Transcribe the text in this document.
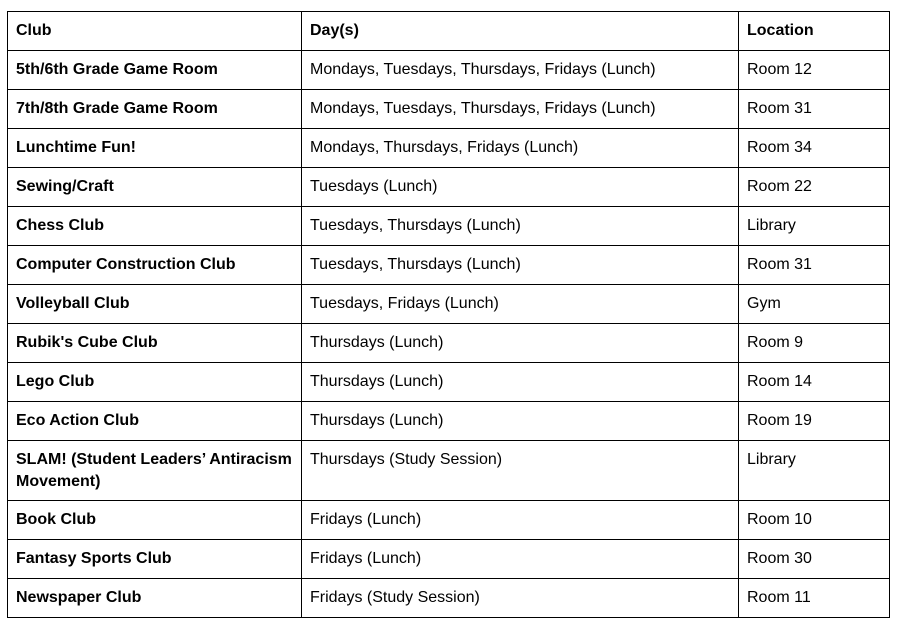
Club	Day(s)	Location
5th/6th Grade Game Room	Mondays, Tuesdays, Thursdays, Fridays (Lunch)	Room 12
7th/8th Grade Game Room	Mondays, Tuesdays, Thursdays, Fridays (Lunch)	Room 31
Lunchtime Fun!	Mondays, Thursdays, Fridays (Lunch)	Room 34
Sewing/Craft	Tuesdays (Lunch)	Room 22
Chess Club	Tuesdays, Thursdays (Lunch)	Library
Computer Construction Club	Tuesdays, Thursdays (Lunch)	Room 31
Volleyball Club	Tuesdays, Fridays (Lunch)	Gym
Rubik's Cube Club	Thursdays (Lunch)	Room 9
Lego Club	Thursdays (Lunch)	Room 14
Eco Action Club	Thursdays (Lunch)	Room 19
SLAM! (Student Leaders’ Antiracism Movement)	Thursdays (Study Session)	Library
Book Club	Fridays (Lunch)	Room 10
Fantasy Sports Club	Fridays (Lunch)	Room 30
Newspaper Club	Fridays (Study Session)	Room 11
